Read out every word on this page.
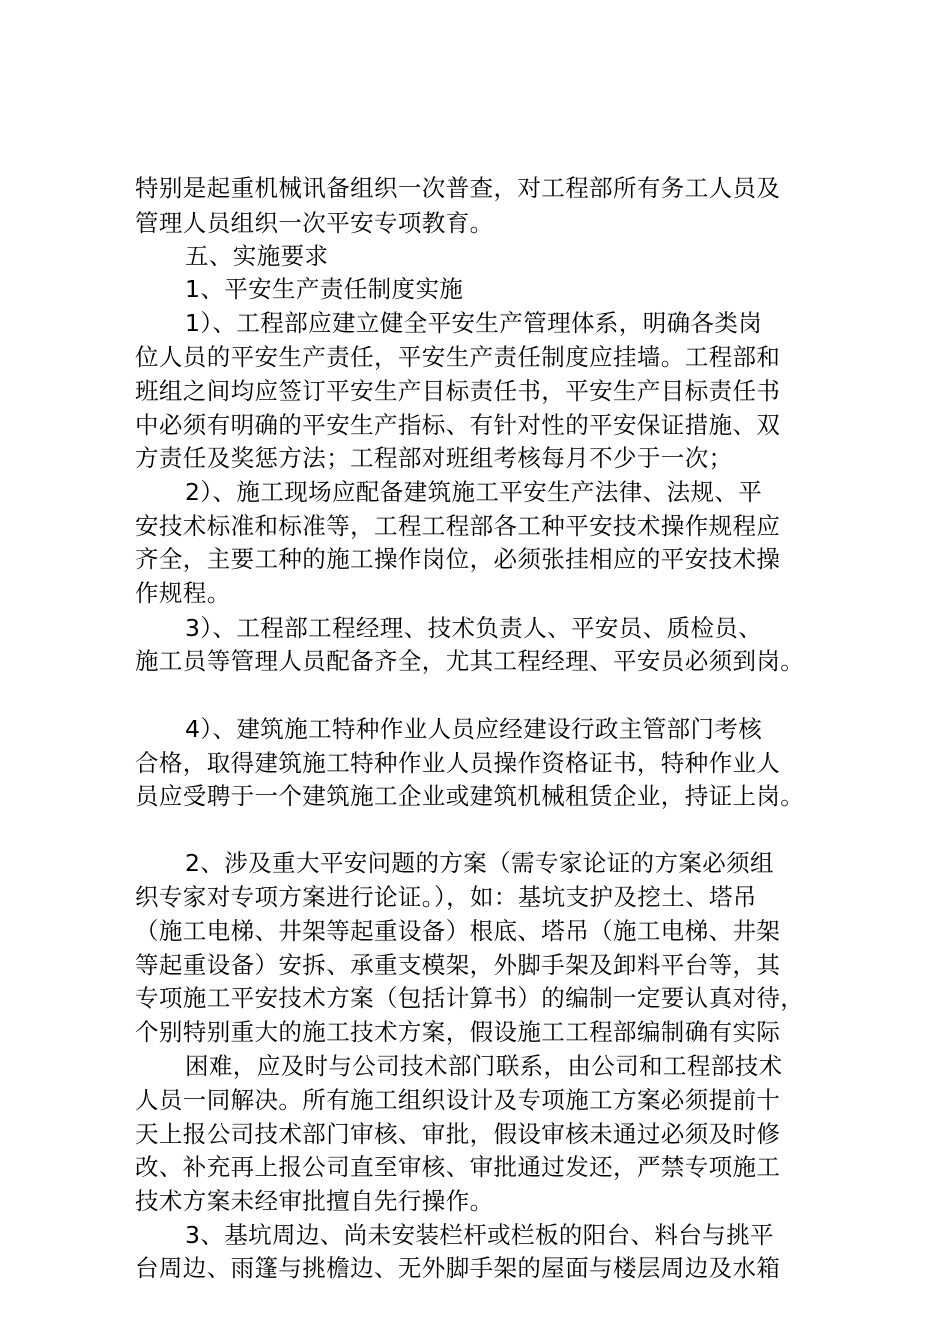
特别是起重机械讯备组织一次普查，对工程部所有务工人员及
管理人员组织一次平安专项教育。
五、实施要求
1、平安生产责任制度实施
1）、工程部应建立健全平安生产管理体系，明确各类岗
位人员的平安生产责任，平安生产责任制度应挂墙。工程部和
班组之间均应签订平安生产目标责任书，平安生产目标责任书
中必须有明确的平安生产指标、有针对性的平安保证措施、双
方责任及奖惩方法；工程部对班组考核每月不少于一次；
2）、施工现场应配备建筑施工平安生产法律、法规、平
安技术标准和标准等，工程工程部各工种平安技术操作规程应
齐全，主要工种的施工操作岗位，必须张挂相应的平安技术操
作规程。
3）、工程部工程经理、技术负责人、平安员、质检员、
施工员等管理人员配备齐全，尤其工程经理、平安员必须到岗。
4）、建筑施工特种作业人员应经建设行政主管部门考核
合格，取得建筑施工特种作业人员操作资格证书，特种作业人
员应受聘于一个建筑施工企业或建筑机械租赁企业，持证上岗。
2、涉及重大平安问题的方案（需专家论证的方案必须组
织专家对专项方案进行论证。），如：基坑支护及挖土、塔吊
（施工电梯、井架等起重设备）根底、塔吊（施工电梯、井架
等起重设备）安拆、承重支模架，外脚手架及卸料平台等，其
专项施工平安技术方案（包括计算书）的编制一定要认真对待，
个别特别重大的施工技术方案，假设施工工程部编制确有实际
困难，应及时与公司技术部门联系，由公司和工程部技术
人员一同解决。所有施工组织设计及专项施工方案必须提前十
天上报公司技术部门审核、审批，假设审核未通过必须及时修
改、补充再上报公司直至审核、审批通过发还，严禁专项施工
技术方案未经审批擅自先行操作。
3、基坑周边、尚未安装栏杆或栏板的阳台、料台与挑平
台周边、雨篷与挑檐边、无外脚手架的屋面与楼层周边及水箱
